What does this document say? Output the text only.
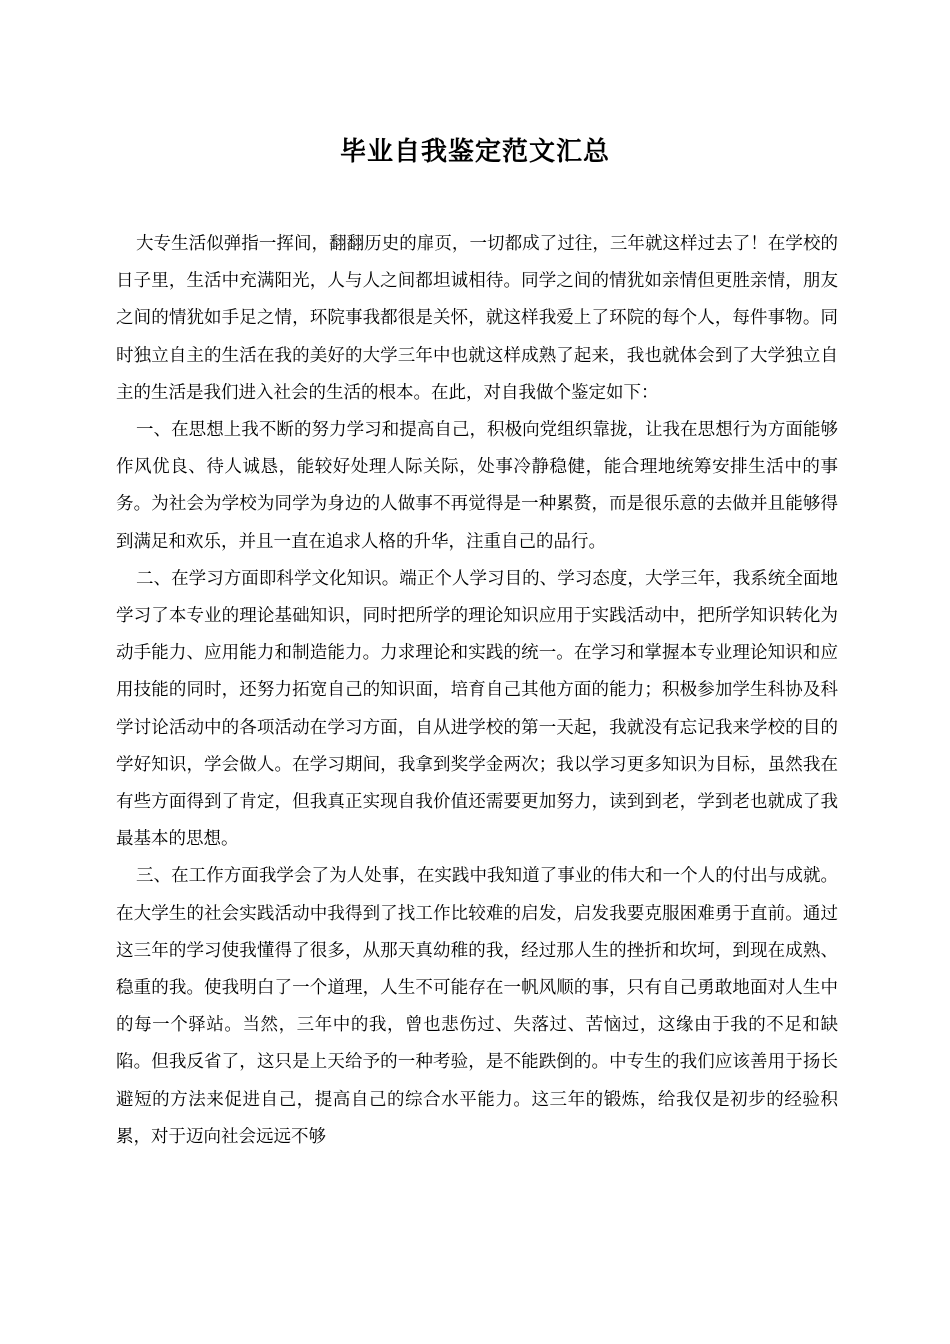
毕业自我鉴定范文汇总

大专生活似弹指一挥间，翻翻历史的扉页，一切都成了过往，三年就这样过去了！在学校的日子里，生活中充满阳光，人与人之间都坦诚相待。同学之间的情犹如亲情但更胜亲情，朋友之间的情犹如手足之情，环院事我都很是关怀，就这样我爱上了环院的每个人，每件事物。同时独立自主的生活在我的美好的大学三年中也就这样成熟了起来，我也就体会到了大学独立自主的生活是我们进入社会的生活的根本。在此，对自我做个鉴定如下：

一、在思想上我不断的努力学习和提高自己，积极向党组织靠拢，让我在思想行为方面能够作风优良、待人诚恳，能较好处理人际关际，处事冷静稳健，能合理地统筹安排生活中的事务。为社会为学校为同学为身边的人做事不再觉得是一种累赘，而是很乐意的去做并且能够得到满足和欢乐，并且一直在追求人格的升华，注重自己的品行。

二、在学习方面即科学文化知识。端正个人学习目的、学习态度，大学三年，我系统全面地学习了本专业的理论基础知识，同时把所学的理论知识应用于实践活动中，把所学知识转化为动手能力、应用能力和制造能力。力求理论和实践的统一。在学习和掌握本专业理论知识和应用技能的同时，还努力拓宽自己的知识面，培育自己其他方面的能力；积极参加学生科协及科学讨论活动中的各项活动在学习方面，自从进学校的第一天起，我就没有忘记我来学校的目的学好知识，学会做人。在学习期间，我拿到奖学金两次；我以学习更多知识为目标，虽然我在有些方面得到了肯定，但我真正实现自我价值还需要更加努力，读到到老，学到老也就成了我最基本的思想。

三、在工作方面我学会了为人处事，在实践中我知道了事业的伟大和一个人的付出与成就。在大学生的社会实践活动中我得到了找工作比较难的启发，启发我要克服困难勇于直前。通过这三年的学习使我懂得了很多，从那天真幼稚的我，经过那人生的挫折和坎坷，到现在成熟、稳重的我。使我明白了一个道理，人生不可能存在一帆风顺的事，只有自己勇敢地面对人生中的每一个驿站。当然，三年中的我，曾也悲伤过、失落过、苦恼过，这缘由于我的不足和缺陷。但我反省了，这只是上天给予的一种考验，是不能跌倒的。中专生的我们应该善用于扬长避短的方法来促进自己，提高自己的综合水平能力。这三年的锻炼，给我仅是初步的经验积累，对于迈向社会远远不够
